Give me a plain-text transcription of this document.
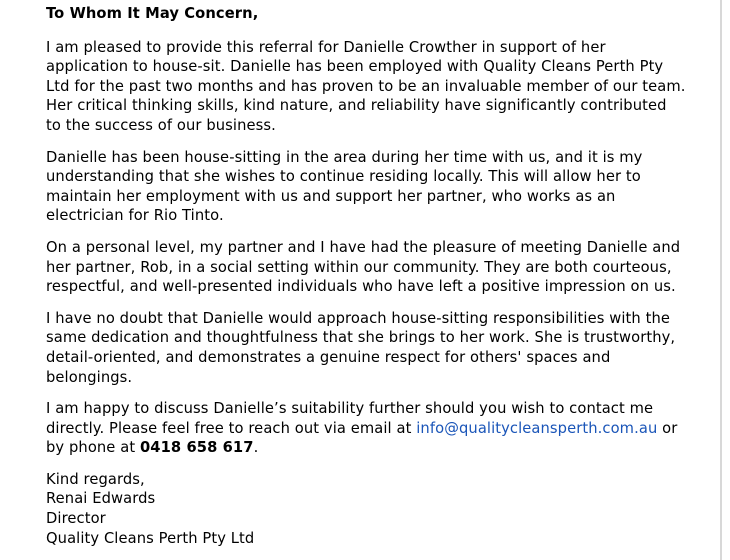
To Whom It May Concern,

I am pleased to provide this referral for Danielle Crowther in support of her application to house-sit. Danielle has been employed with Quality Cleans Perth Pty Ltd for the past two months and has proven to be an invaluable member of our team. Her critical thinking skills, kind nature, and reliability have significantly contributed to the success of our business.

Danielle has been house-sitting in the area during her time with us, and it is my understanding that she wishes to continue residing locally. This will allow her to maintain her employment with us and support her partner, who works as an electrician for Rio Tinto.

On a personal level, my partner and I have had the pleasure of meeting Danielle and her partner, Rob, in a social setting within our community. They are both courteous, respectful, and well-presented individuals who have left a positive impression on us.

I have no doubt that Danielle would approach house-sitting responsibilities with the same dedication and thoughtfulness that she brings to her work. She is trustworthy, detail-oriented, and demonstrates a genuine respect for others' spaces and belongings.

I am happy to discuss Danielle’s suitability further should you wish to contact me directly. Please feel free to reach out via email at info@qualitycleansperth.com.au or by phone at 0418 658 617.

Kind regards,
Renai Edwards
Director
Quality Cleans Perth Pty Ltd
